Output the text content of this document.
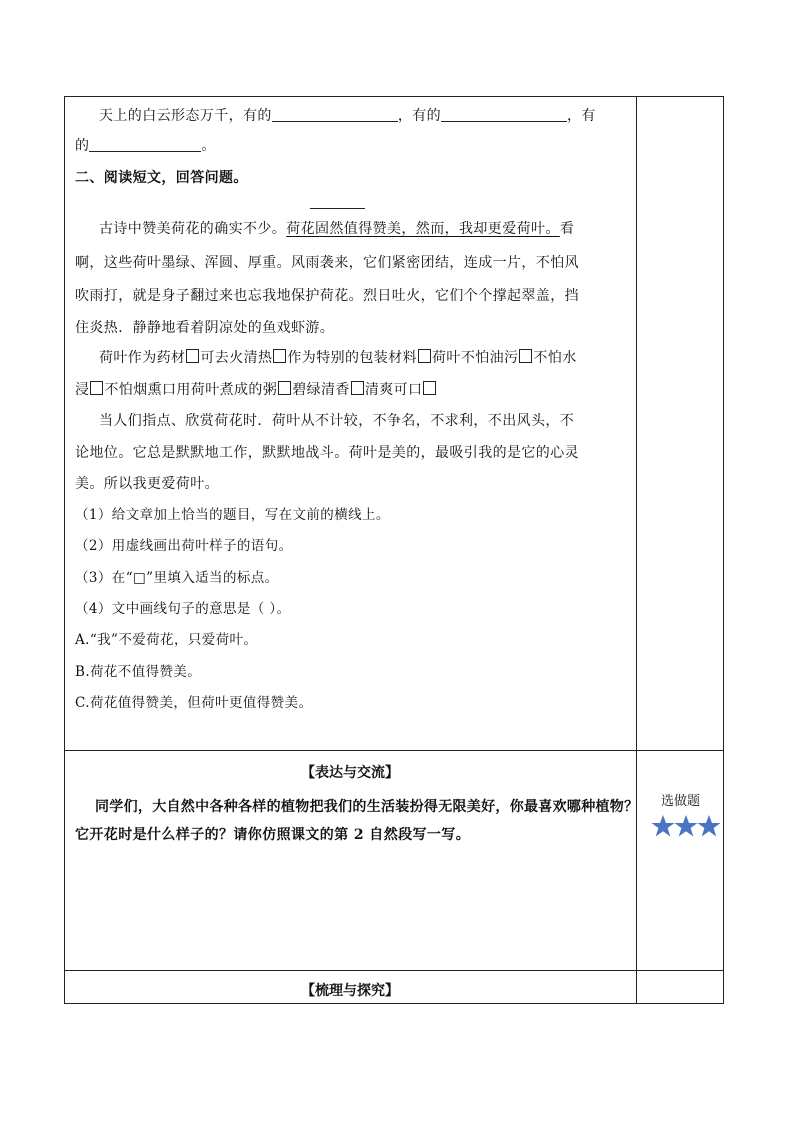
天上的白云形态万千，有的	，有的	，有
的	。
二、阅读短文，回答问题。
古诗中赞美荷花的确实不少。荷花固然值得赞美，然而，我却更爱荷叶。看
啊，这些荷叶墨绿、浑圆、厚重。风雨袭来，它们紧密团结，连成一片，不怕风
吹雨打，就是身子翻过来也忘我地保护荷花。烈日吐火，它们个个撑起翠盖，挡
住炎热．静静地看着阴凉处的鱼戏虾游。
荷叶作为药材 可去火清热 作为特别的包装材料 荷叶不怕油污 不怕水
浸 不怕烟熏口用荷叶煮成的粥 碧绿清香 清爽可口
当人们指点、欣赏荷花时．荷叶从不计较，不争名，不求利，不出风头，不
论地位。它总是默默地工作，默默地战斗。荷叶是美的，最吸引我的是它的心灵
美。所以我更爱荷叶。
（1）给文章加上恰当的题目，写在文前的横线上。
（2）用虚线画出荷叶样子的语句。
（3）在“□”里填入适当的标点。
（4）文中画线句子的意思是（ ）。
A.“我”不爱荷花，只爱荷叶。
B.荷花不值得赞美。
C.荷花值得赞美，但荷叶更值得赞美。
【表达与交流】
同学们，大自然中各种各样的植物把我们的生活装扮得无限美好，你最喜欢哪种植物？
它开花时是什么样子的？请你仿照课文的第 2 自然段写一写。
选做题
【梳理与探究】
